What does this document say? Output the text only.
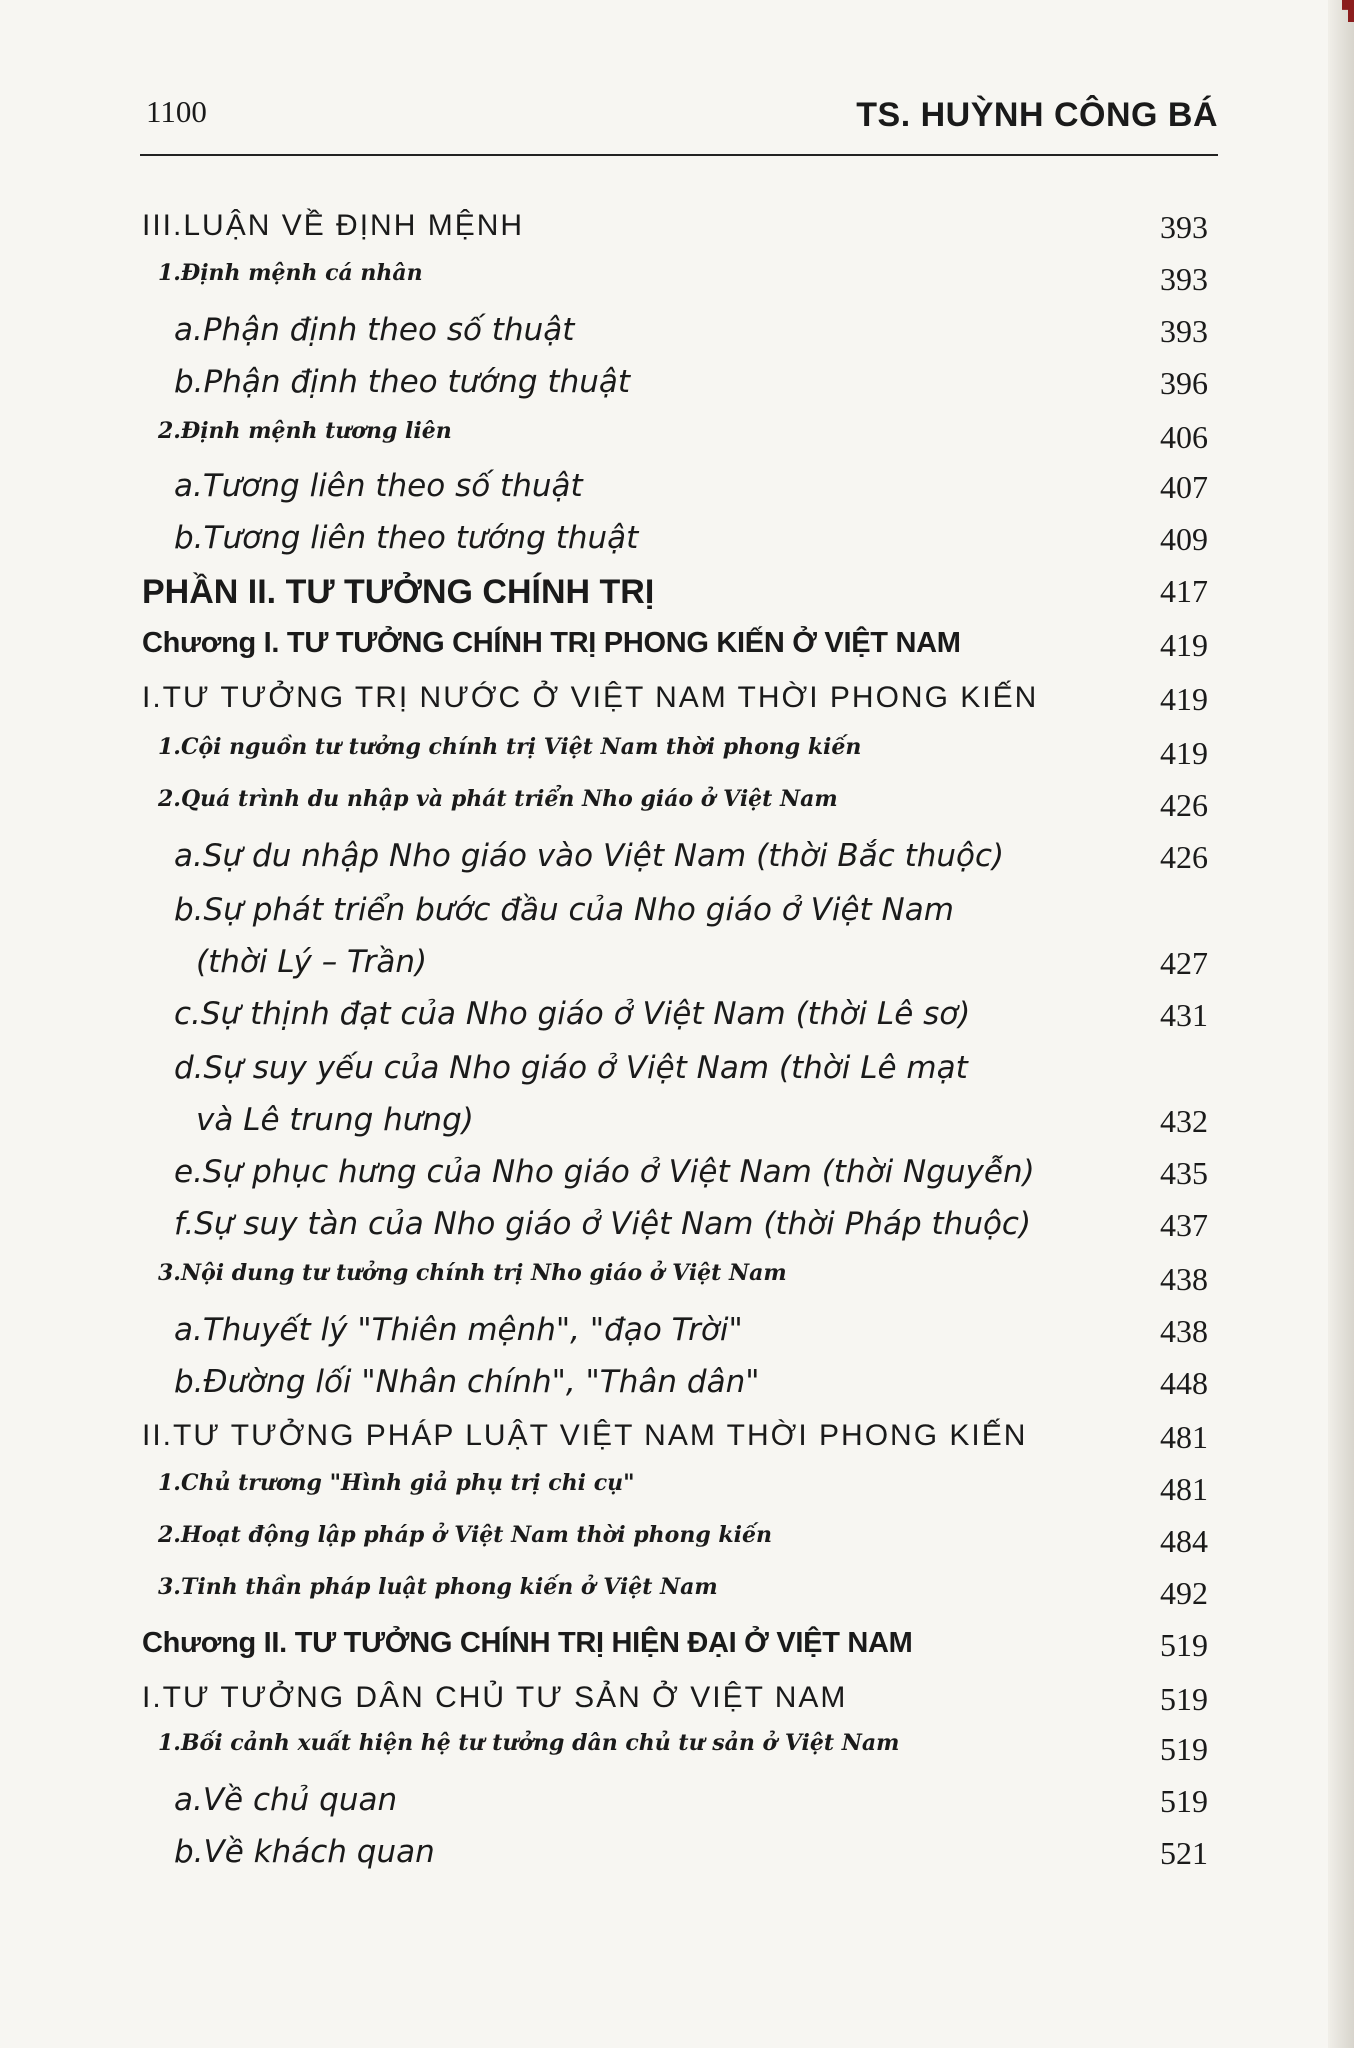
1100	TS. HUỲNH CÔNG BÁ
III.LUẬN VỀ ĐỊNH MỆNH	393
1.Định mệnh cá nhân	393
a.Phận định theo số thuật	393
b.Phận định theo tướng thuật	396
2.Định mệnh tương liên	406
a.Tương liên theo số thuật	407
b.Tương liên theo tướng thuật	409
PHẦN II. TƯ TƯỞNG CHÍNH TRỊ	417
Chương I. TƯ TƯỞNG CHÍNH TRỊ PHONG KIẾN Ở VIỆT NAM	419
I.TƯ TƯỞNG TRỊ NƯỚC Ở VIỆT NAM THỜI PHONG KIẾN	419
1.Cội nguồn tư tưởng chính trị Việt Nam thời phong kiến	419
2.Quá trình du nhập và phát triển Nho giáo ở Việt Nam	426
a.Sự du nhập Nho giáo vào Việt Nam (thời Bắc thuộc)	426
b.Sự phát triển bước đầu của Nho giáo ở Việt Nam
(thời Lý – Trần)	427
c.Sự thịnh đạt của Nho giáo ở Việt Nam (thời Lê sơ)	431
d.Sự suy yếu của Nho giáo ở Việt Nam (thời Lê mạt
và Lê trung hưng)	432
e.Sự phục hưng của Nho giáo ở Việt Nam (thời Nguyễn)	435
f.Sự suy tàn của Nho giáo ở Việt Nam (thời Pháp thuộc)	437
3.Nội dung tư tưởng chính trị Nho giáo ở Việt Nam	438
a.Thuyết lý "Thiên mệnh", "đạo Trời"	438
b.Đường lối "Nhân chính", "Thân dân"	448
II.TƯ TƯỞNG PHÁP LUẬT VIỆT NAM THỜI PHONG KIẾN	481
1.Chủ trương "Hình giả phụ trị chi cụ"	481
2.Hoạt động lập pháp ở Việt Nam thời phong kiến	484
3.Tinh thần pháp luật phong kiến ở Việt Nam	492
Chương II. TƯ TƯỞNG CHÍNH TRỊ HIỆN ĐẠI Ở VIỆT NAM	519
I.TƯ TƯỞNG DÂN CHỦ TƯ SẢN Ở VIỆT NAM	519
1.Bối cảnh xuất hiện hệ tư tưởng dân chủ tư sản ở Việt Nam	519
a.Về chủ quan	519
b.Về khách quan	521
